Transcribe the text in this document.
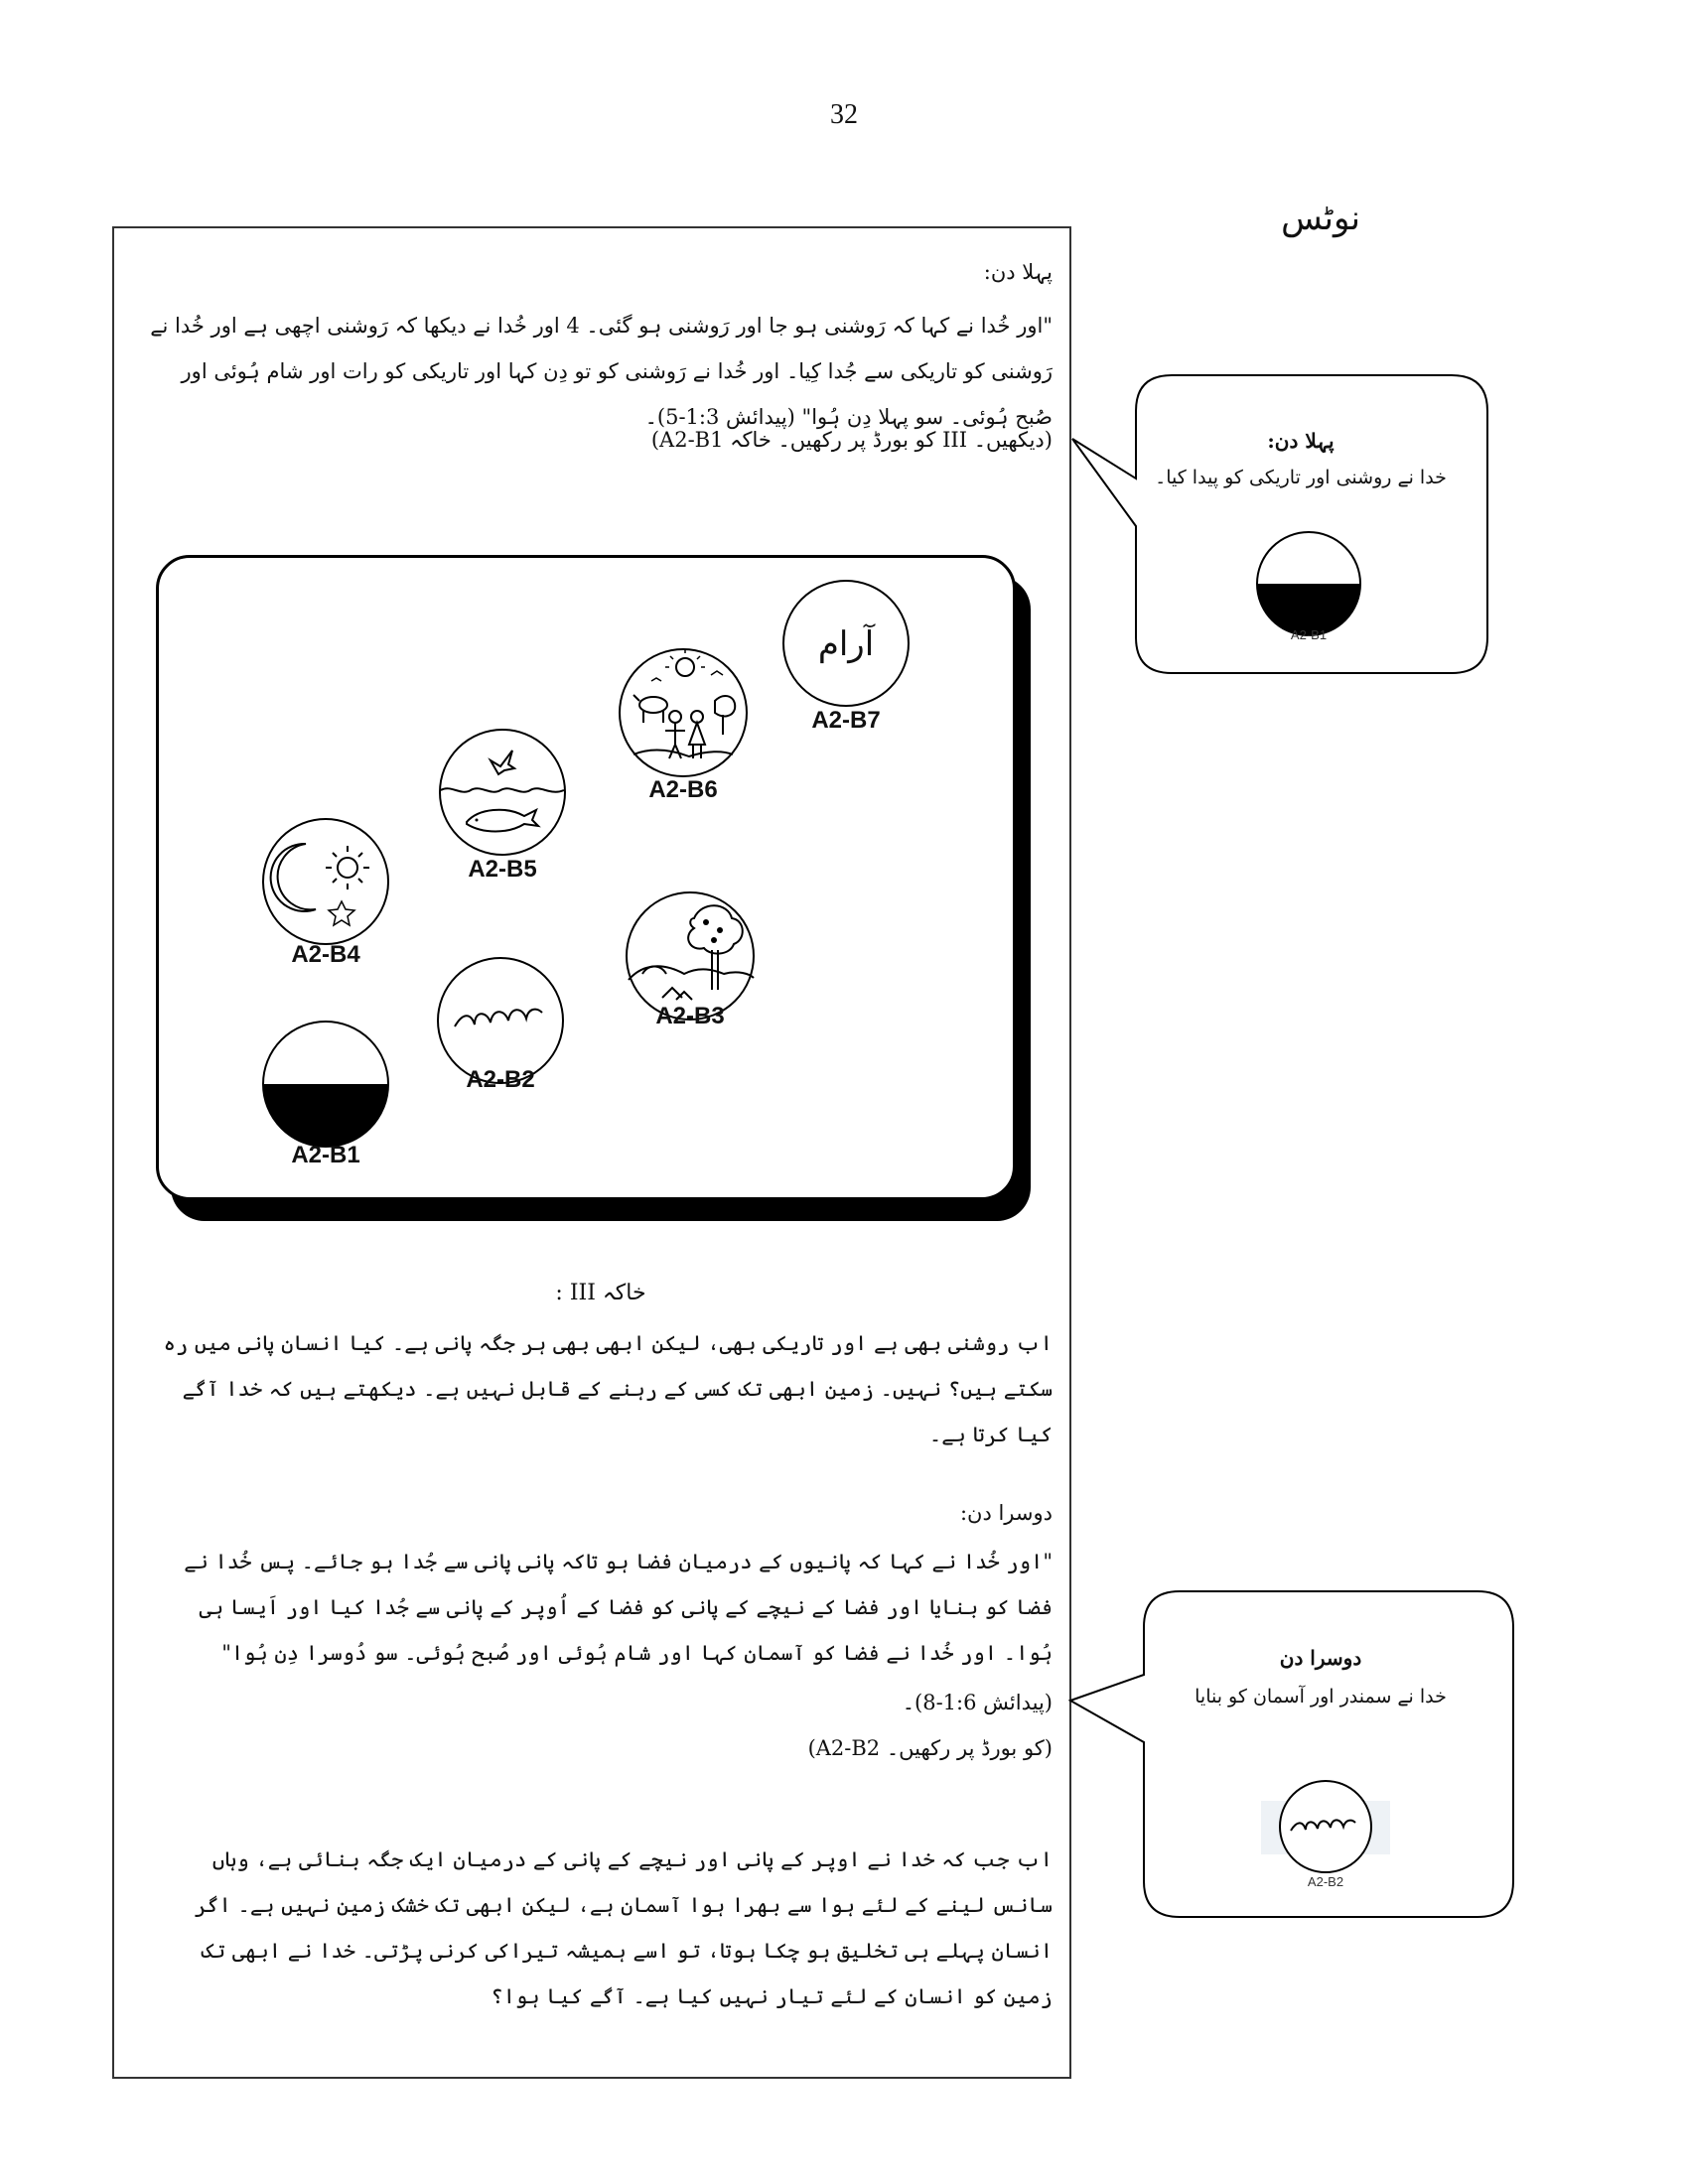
32
نوٹس
پہلا دن:
"اور خُدا نے کہا کہ رَوشنی ہو جا اور رَوشنی ہو گئی۔ 4 اور خُدا نے دیکھا کہ رَوشنی اچھی ہے اور خُدا نے رَوشنی کو تاریکی سے جُدا کِیا۔ اور خُدا نے رَوشنی کو تو دِن کہا اور تاریکی کو رات اور شام ہُوئی اور صُبح ہُوئی۔ سو پہلا دِن ہُوا" (پیدائش 1:3-5)۔
(A2-B1 کو بورڈ پر رکھیں۔ خاکہ III دیکھیں۔)
آرام
A2-B7
A2-B6
A2-B5
A2-B4
A2-B3
A2-B2
A2-B1
خاکہ III :
اب روشنی بھی ہے اور تاریکی بھی، لیکن ابھی بھی ہر جگہ پانی ہے۔ کیا انسان پانی میں رہ سکتے ہیں؟ نہیں۔ زمین ابھی تک کسی کے رہنے کے قابل نہیں ہے۔ دیکھتے ہیں کہ خدا آگے کیا کرتا ہے۔
دوسرا دن:
"اور خُدا نے کہا کہ پانیوں کے درمیان فضا ہو تاکہ پانی پانی سے جُدا ہو جائے۔ پس خُدا نے فضا کو بنایا اور فضا کے نیچے کے پانی کو فضا کے اُوپر کے پانی سے جُدا کیا اور اَیسا ہی ہُوا۔ اور خُدا نے فضا کو آسمان کہا اور شام ہُوئی اور صُبح ہُوئی۔ سو دُوسرا دِن ہُوا"
(پیدائش 1:6-8)۔
(A2-B2 کو بورڈ پر رکھیں۔)
اب جب کہ خدا نے اوپر کے پانی اور نیچے کے پانی کے درمیان ایک جگہ بنائی ہے، وہاں سانس لینے کے لئے ہوا سے بھرا ہوا آسمان ہے، لیکن ابھی تک خشک زمین نہیں ہے۔ اگر انسان پہلے ہی تخلیق ہو چکا ہوتا، تو اسے ہمیشہ تیراکی کرنی پڑتی۔ خدا نے ابھی تک زمین کو انسان کے لئے تیار نہیں کیا ہے۔ آگے کیا ہوا؟
پہلا دن:
خدا نے روشنی اور تاریکی کو پیدا کیا۔
A2-B1
دوسرا دن
خدا نے سمندر اور آسمان کو بنایا
A2-B2
